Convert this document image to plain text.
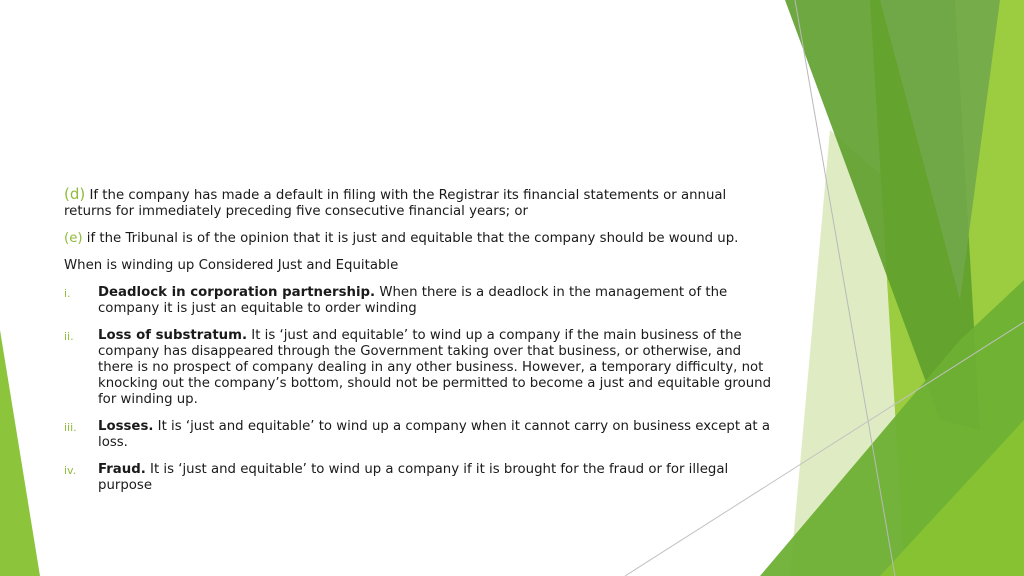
(d) If the company has made a default in filing with the Registrar its financial statements or annual returns for immediately preceding five consecutive financial years; or

(e) if the Tribunal is of the opinion that it is just and equitable that the company should be wound up.

When is winding up Considered Just and Equitable

i. Deadlock in corporation partnership. When there is a deadlock in the management of the company it is just an equitable to order winding
ii. Loss of substratum. It is ‘just and equitable’ to wind up a company if the main business of the company has disappeared through the Government taking over that business, or otherwise, and there is no prospect of company dealing in any other business. However, a temporary difficulty, not knocking out the company’s bottom, should not be permitted to become a just and equitable ground for winding up.
iii. Losses. It is ‘just and equitable’ to wind up a company when it cannot carry on business except at a loss.
iv. Fraud. It is ‘just and equitable’ to wind up a company if it is brought for the fraud or for illegal purpose
